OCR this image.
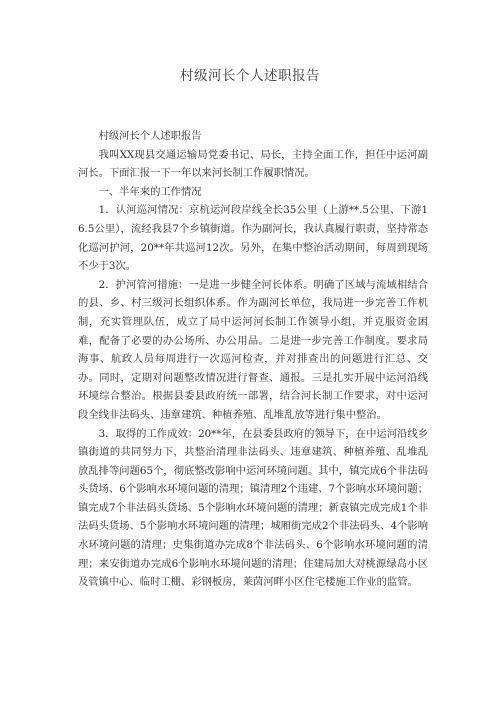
村级河长个人述职报告

村级河长个人述职报告

我叫XX现县交通运输局党委书记、局长，主持全面工作，担任中运河副河长。下面汇报一下一年以来河长制工作履职情况。

一、半年来的工作情况

1．认河巡河情况：京杭运河段岸线全长35公里（上游**.5公里、下游16.5公里），流经我县7个乡镇街道。作为副河长，我认真履行职责，坚持常态化巡河护河，20**年共巡河12次。另外，在集中整治活动期间，每周到现场不少于3次。

2．护河管河措施：一是进一步健全河长体系。明确了区域与流域相结合的县、乡、村三级河长组织体系。作为副河长单位，我局进一步完善工作机制，充实管理队伍，成立了局中运河河长制工作领导小组，并克服资金困难，配备了必要的办公场所、办公用品。二是进一步完善工作制度。要求局海事、航政人员每周进行一次巡河检查，并对排查出的问题进行汇总、交办。同时，定期对问题整改情况进行督查、通报。三是扎实开展中运河沿线环境综合整治。根据县委县政府统一部署，结合河长制工作要求，对中运河段全线非法码头、违章建筑、种植养殖、乱堆乱放等进行集中整治。

3．取得的工作成效：20**年，在县委县政府的领导下，在中运河沿线乡镇街道的共同努力下，共整治清理非法码头、违章建筑、种植养殖、乱堆乱放乱排等问题65个，彻底整改影响中运河环境问题。其中，镇完成6个非法码头货场、6个影响水环境问题的清理；镇清理2个违建、7个影响水环境问题；镇完成7个非法码头货场、5个影响水环境问题的清理；新袁镇完成完成1个非法码头货场、5个影响水环境问题的清理；城厢街完成2个非法码头、4个影响水环境问题的清理；史集街道办完成8个非法码头、6个影响水环境问题的清理；来安街道办完成6个影响水环境问题的清理；住建局加大对桃源绿岛小区及管镇中心、临时工棚、彩钢板房，莱茵河畔小区住宅楼施工作业的监管。
